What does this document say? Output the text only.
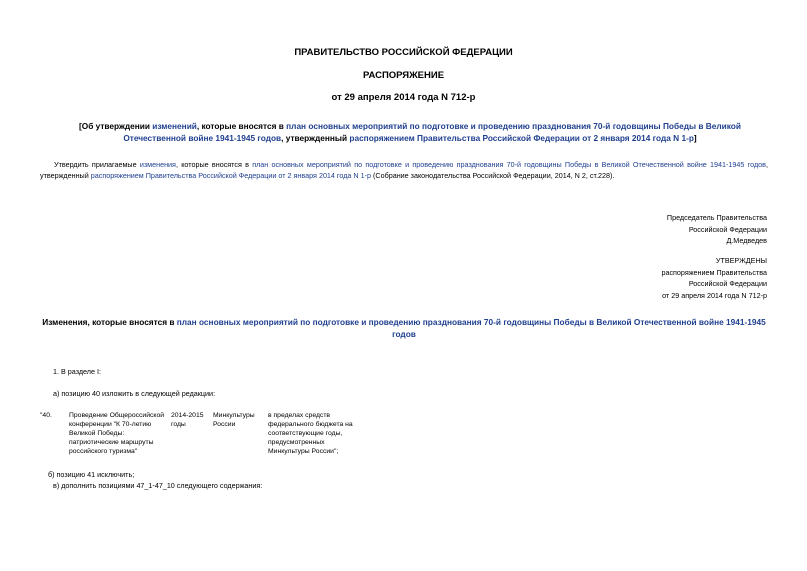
ПРАВИТЕЛЬСТВО РОССИЙСКОЙ ФЕДЕРАЦИИ
РАСПОРЯЖЕНИЕ
от 29 апреля 2014 года N 712-р
[Об утверждении изменений, которые вносятся в план основных мероприятий по подготовке и проведению празднования 70-й годовщины Победы в Великой Отечественной войне 1941-1945 годов, утвержденный распоряжением Правительства Российской Федерации от 2 января 2014 года N 1-р]
Утвердить прилагаемые изменения, которые вносятся в план основных мероприятий по подготовке и проведению празднования 70-й годовщины Победы в Великой Отечественной войне 1941-1945 годов, утвержденный распоряжением Правительства Российской Федерации от 2 января 2014 года N 1-р (Собрание законодательства Российской Федерации, 2014, N 2, ст.228).
Председатель Правительства
Российской Федерации
Д.Медведев
УТВЕРЖДЕНЫ
распоряжением Правительства
Российской Федерации
от 29 апреля 2014 года N 712-р
Изменения, которые вносятся в план основных мероприятий по подготовке и проведению празднования 70-й годовщины Победы в Великой Отечественной войне 1941-1945 годов
1. В разделе I:
а) позицию 40 изложить в следующей редакции:
"40.	Проведение Общероссийской конференции "К 70-летию Великой Победы: патриотические маршруты российского туризма"	2014-2015 годы	Минкультуры России	в пределах средств федерального бюджета на соответствующие годы, предусмотренных Минкультуры России";
б) позицию 41 исключить;
в) дополнить позициями 47_1-47_10 следующего содержания:
